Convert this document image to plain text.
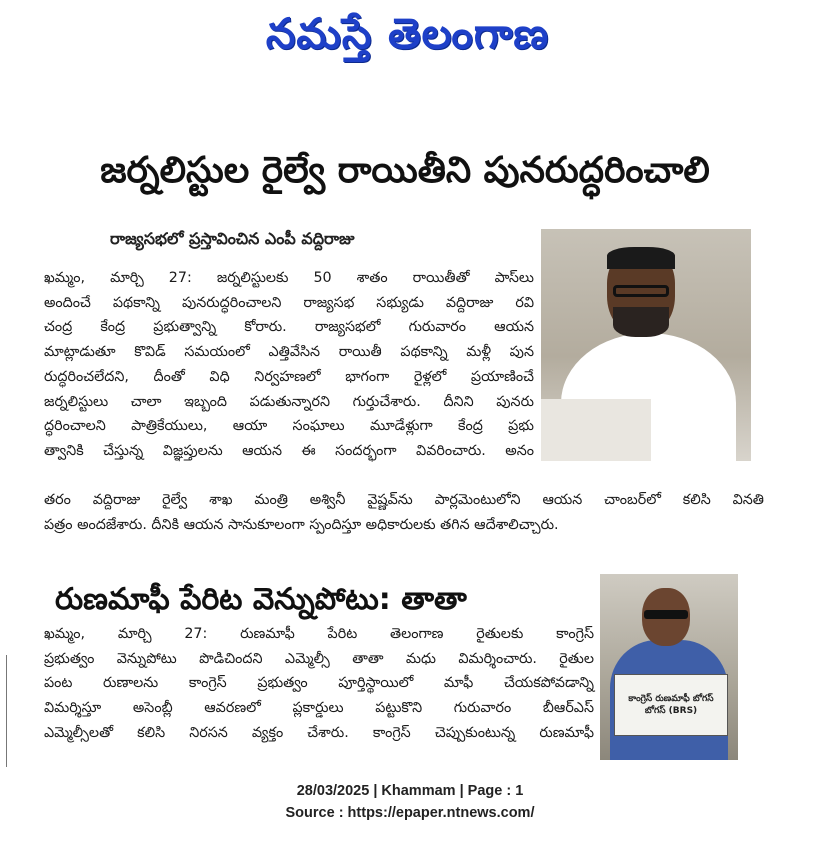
నమస్తే తెలంగాణ
జర్నలిస్టుల రైల్వే రాయితీని పునరుద్ధరించాలి
రాజ్యసభలో ప్రస్తావించిన ఎంపీ వద్దిరాజు
ఖమ్మం, మార్చి 27: జర్నలిస్టులకు 50 శాతం రాయితీతో పాస్‌లు
అందించే పథకాన్ని పునరుద్ధరించాలని రాజ్యసభ సభ్యుడు వద్దిరాజు రవి
చంద్ర కేంద్ర ప్రభుత్వాన్ని కోరారు. రాజ్యసభలో గురువారం ఆయన
మాట్లాడుతూ కొవిడ్ సమయంలో ఎత్తివేసిన రాయితీ పథకాన్ని మళ్లీ పున
రుద్ధరించలేదని, దీంతో విధి నిర్వహణలో భాగంగా రైళ్లలో ప్రయాణించే
జర్నలిస్టులు చాలా ఇబ్బంది పడుతున్నారని గుర్తుచేశారు. దీనిని పునరు
ద్ధరించాలని పాత్రికేయులు, ఆయా సంఘాలు మూడేళ్లుగా కేంద్ర ప్రభు
త్వానికి చేస్తున్న విజ్ఞప్తులను ఆయన ఈ సందర్భంగా వివరించారు. అనం
తరం వద్దిరాజు రైల్వే శాఖ మంత్రి అశ్వినీ వైష్ణవ్‌ను పార్లమెంటులోని ఆయన చాంబర్‌లో కలిసి వినతి
పత్రం అందజేశారు. దీనికి ఆయన సానుకూలంగా స్పందిస్తూ అధికారులకు తగిన ఆదేశాలిచ్చారు.
రుణమాఫీ పేరిట వెన్నుపోటు: తాతా
కాంగ్రెస్ రుణమాఫీ బోగస్ బోగస్ (BRS)
ఖమ్మం, మార్చి 27: రుణమాఫీ పేరిట తెలంగాణ రైతులకు కాంగ్రెస్
ప్రభుత్వం వెన్నుపోటు పొడిచిందని ఎమ్మెల్సీ తాతా మధు విమర్శించారు. రైతుల
పంట రుణాలను కాంగ్రెస్ ప్రభుత్వం పూర్తిస్థాయిలో మాఫీ చేయకపోవడాన్ని
విమర్శిస్తూ అసెంబ్లీ ఆవరణలో ప్లకార్డులు పట్టుకొని గురువారం బీఆర్‌ఎస్
ఎమ్మెల్సీలతో కలిసి నిరసన వ్యక్తం చేశారు. కాంగ్రెస్ చెప్పుకుంటున్న రుణమాఫీ
28/03/2025 | Khammam | Page : 1
Source : https://epaper.ntnews.com/
